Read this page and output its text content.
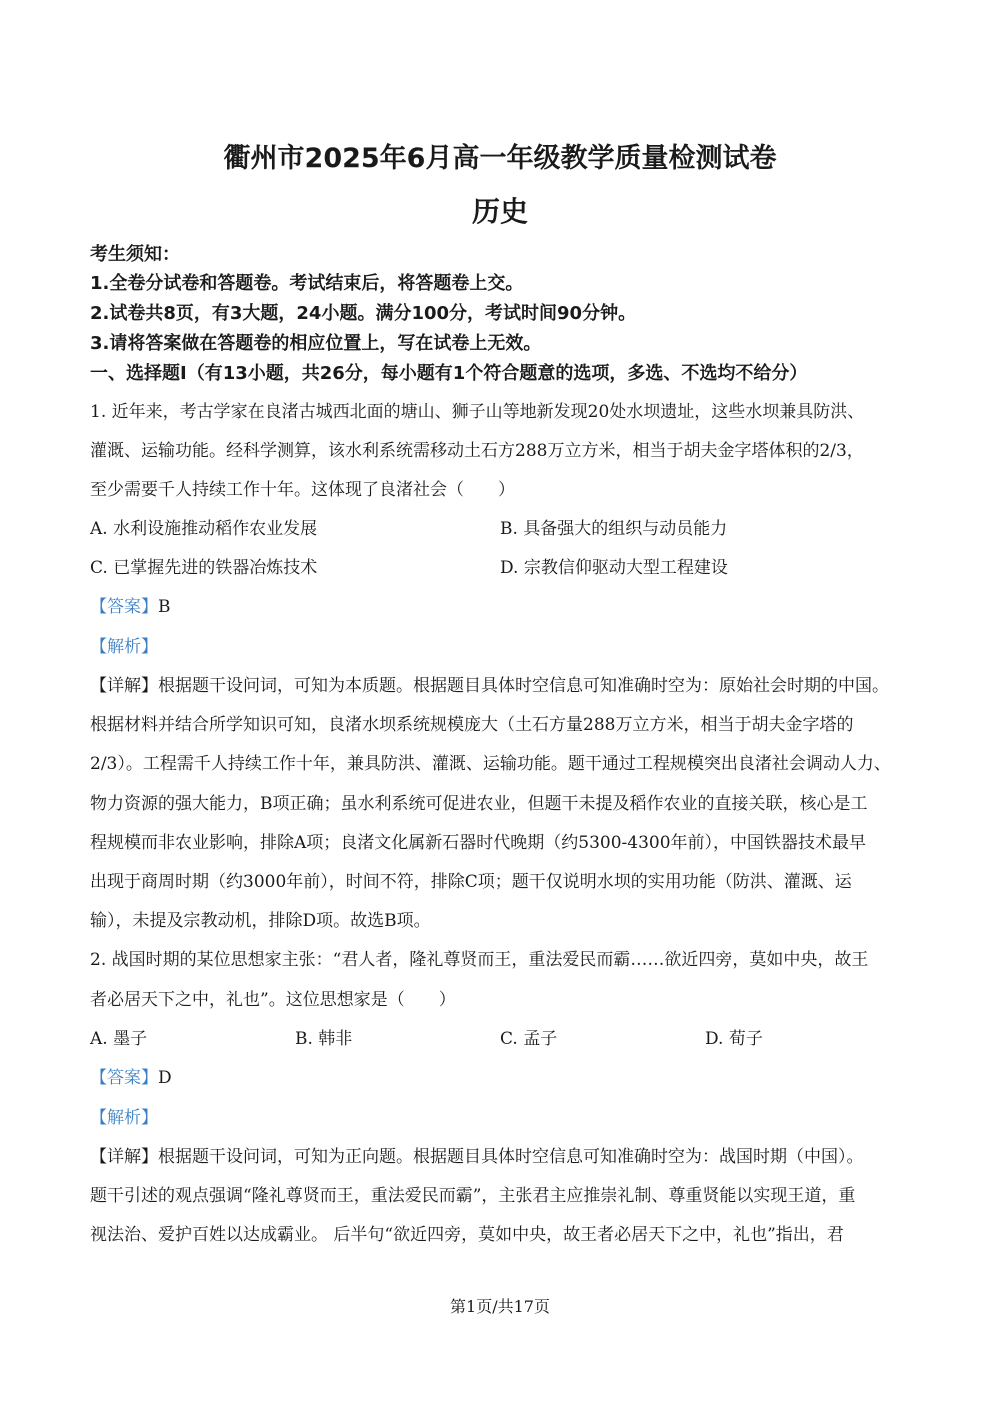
衢州市2025年6月高一年级教学质量检测试卷
历史
考生须知：
1.全卷分试卷和答题卷。考试结束后，将答题卷上交。
2.试卷共8页，有3大题，24小题。满分100分，考试时间90分钟。
3.请将答案做在答题卷的相应位置上，写在试卷上无效。
一、选择题Ⅰ（有13小题，共26分，每小题有1个符合题意的选项，多选、不选均不给分）
1. 近年来，考古学家在良渚古城西北面的塘山、狮子山等地新发现20处水坝遗址，这些水坝兼具防洪、
灌溉、运输功能。经科学测算，该水利系统需移动土石方288万立方米，相当于胡夫金字塔体积的2/3，
至少需要千人持续工作十年。这体现了良渚社会（　　）
A. 水利设施推动稻作农业发展	B. 具备强大的组织与动员能力
C. 已掌握先进的铁器冶炼技术	D. 宗教信仰驱动大型工程建设
【答案】B
【解析】
【详解】根据题干设问词，可知为本质题。根据题目具体时空信息可知准确时空为：原始社会时期的中国。
根据材料并结合所学知识可知，良渚水坝系统规模庞大（土石方量288万立方米，相当于胡夫金字塔的
2/3）。工程需千人持续工作十年，兼具防洪、灌溉、运输功能。题干通过工程规模突出良渚社会调动人力、
物力资源的强大能力，B项正确；虽水利系统可促进农业，但题干未提及稻作农业的直接关联，核心是工
程规模而非农业影响，排除A项；良渚文化属新石器时代晚期（约5300-4300年前），中国铁器技术最早
出现于商周时期（约3000年前），时间不符，排除C项；题干仅说明水坝的实用功能（防洪、灌溉、运
输），未提及宗教动机，排除D项。故选B项。
2. 战国时期的某位思想家主张：“君人者，隆礼尊贤而王，重法爱民而霸……欲近四旁，莫如中央，故王
者必居天下之中，礼也”。这位思想家是（　　）
A. 墨子	B. 韩非	C. 孟子	D. 荀子
【答案】D
【解析】
【详解】根据题干设问词，可知为正向题。根据题目具体时空信息可知准确时空为：战国时期（中国）。
题干引述的观点强调“隆礼尊贤而王，重法爱民而霸”，主张君主应推崇礼制、尊重贤能以实现王道，重
视法治、爱护百姓以达成霸业。 后半句“欲近四旁，莫如中央，故王者必居天下之中，礼也”指出，君
第1页/共17页
